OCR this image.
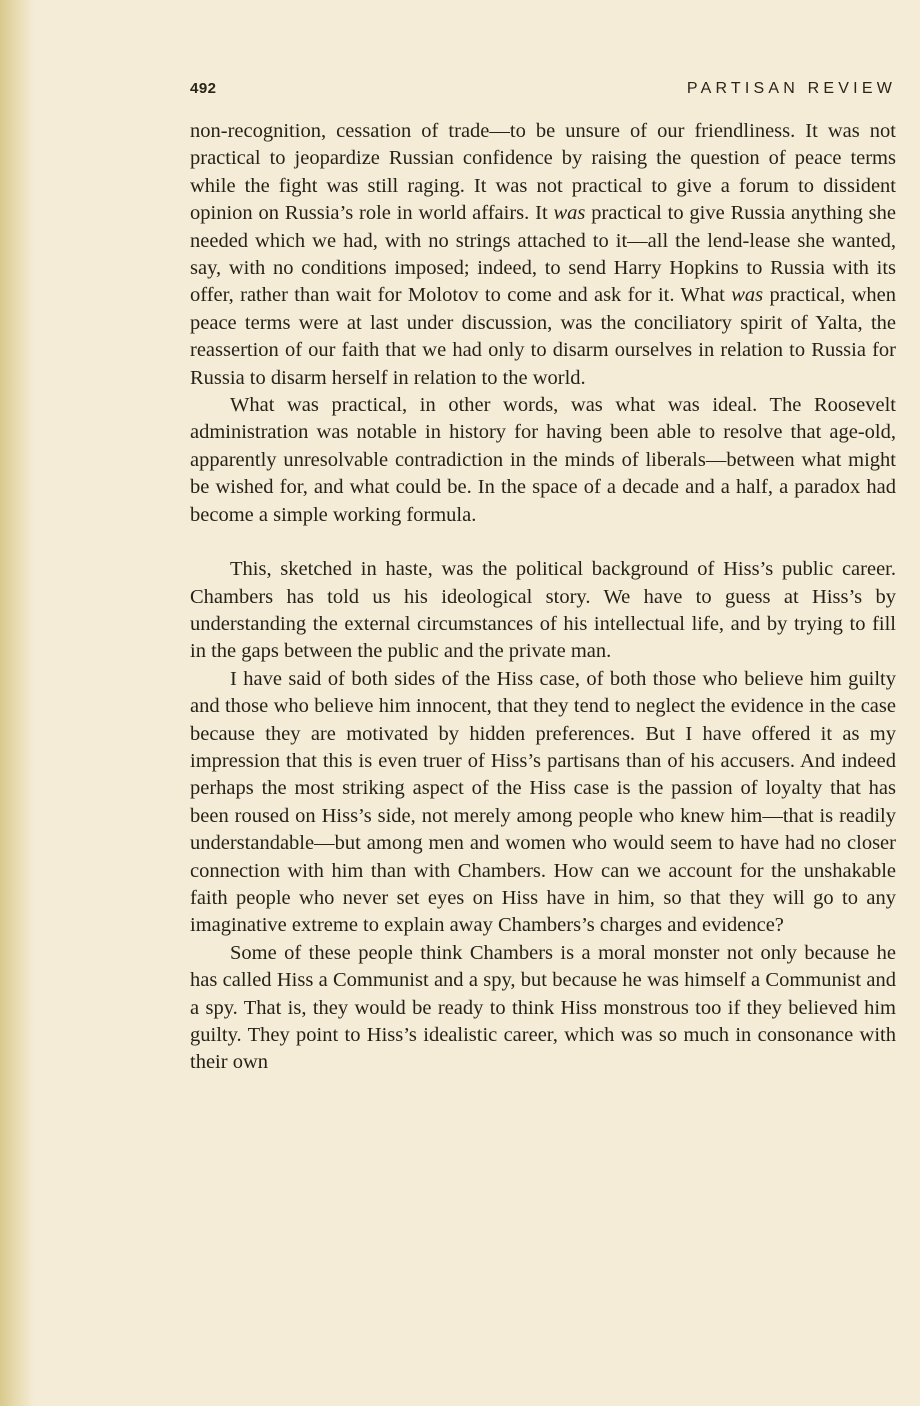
492	PARTISAN REVIEW

non-recognition, cessation of trade—to be unsure of our friendliness. It was not practical to jeopardize Russian confidence by raising the question of peace terms while the fight was still raging. It was not practical to give a forum to dissident opinion on Russia’s role in world affairs. It was practical to give Russia anything she needed which we had, with no strings attached to it—all the lend-lease she wanted, say, with no conditions imposed; indeed, to send Harry Hopkins to Russia with its offer, rather than wait for Molotov to come and ask for it. What was practical, when peace terms were at last under discussion, was the conciliatory spirit of Yalta, the reassertion of our faith that we had only to disarm ourselves in relation to Russia for Russia to disarm herself in relation to the world.

What was practical, in other words, was what was ideal. The Roosevelt administration was notable in history for having been able to resolve that age-old, apparently unresolvable contradiction in the minds of liberals—between what might be wished for, and what could be. In the space of a decade and a half, a paradox had become a simple working formula.

This, sketched in haste, was the political background of Hiss’s public career. Chambers has told us his ideological story. We have to guess at Hiss’s by understanding the external circumstances of his intellectual life, and by trying to fill in the gaps between the public and the private man.

I have said of both sides of the Hiss case, of both those who believe him guilty and those who believe him innocent, that they tend to neglect the evidence in the case because they are motivated by hidden preferences. But I have offered it as my impression that this is even truer of Hiss’s partisans than of his accusers. And indeed perhaps the most striking aspect of the Hiss case is the passion of loyalty that has been roused on Hiss’s side, not merely among people who knew him—that is readily understandable—but among men and women who would seem to have had no closer connection with him than with Chambers. How can we account for the unshakable faith people who never set eyes on Hiss have in him, so that they will go to any imaginative extreme to explain away Chambers’s charges and evidence?

Some of these people think Chambers is a moral monster not only because he has called Hiss a Communist and a spy, but because he was himself a Communist and a spy. That is, they would be ready to think Hiss monstrous too if they believed him guilty. They point to Hiss’s idealistic career, which was so much in consonance with their own
